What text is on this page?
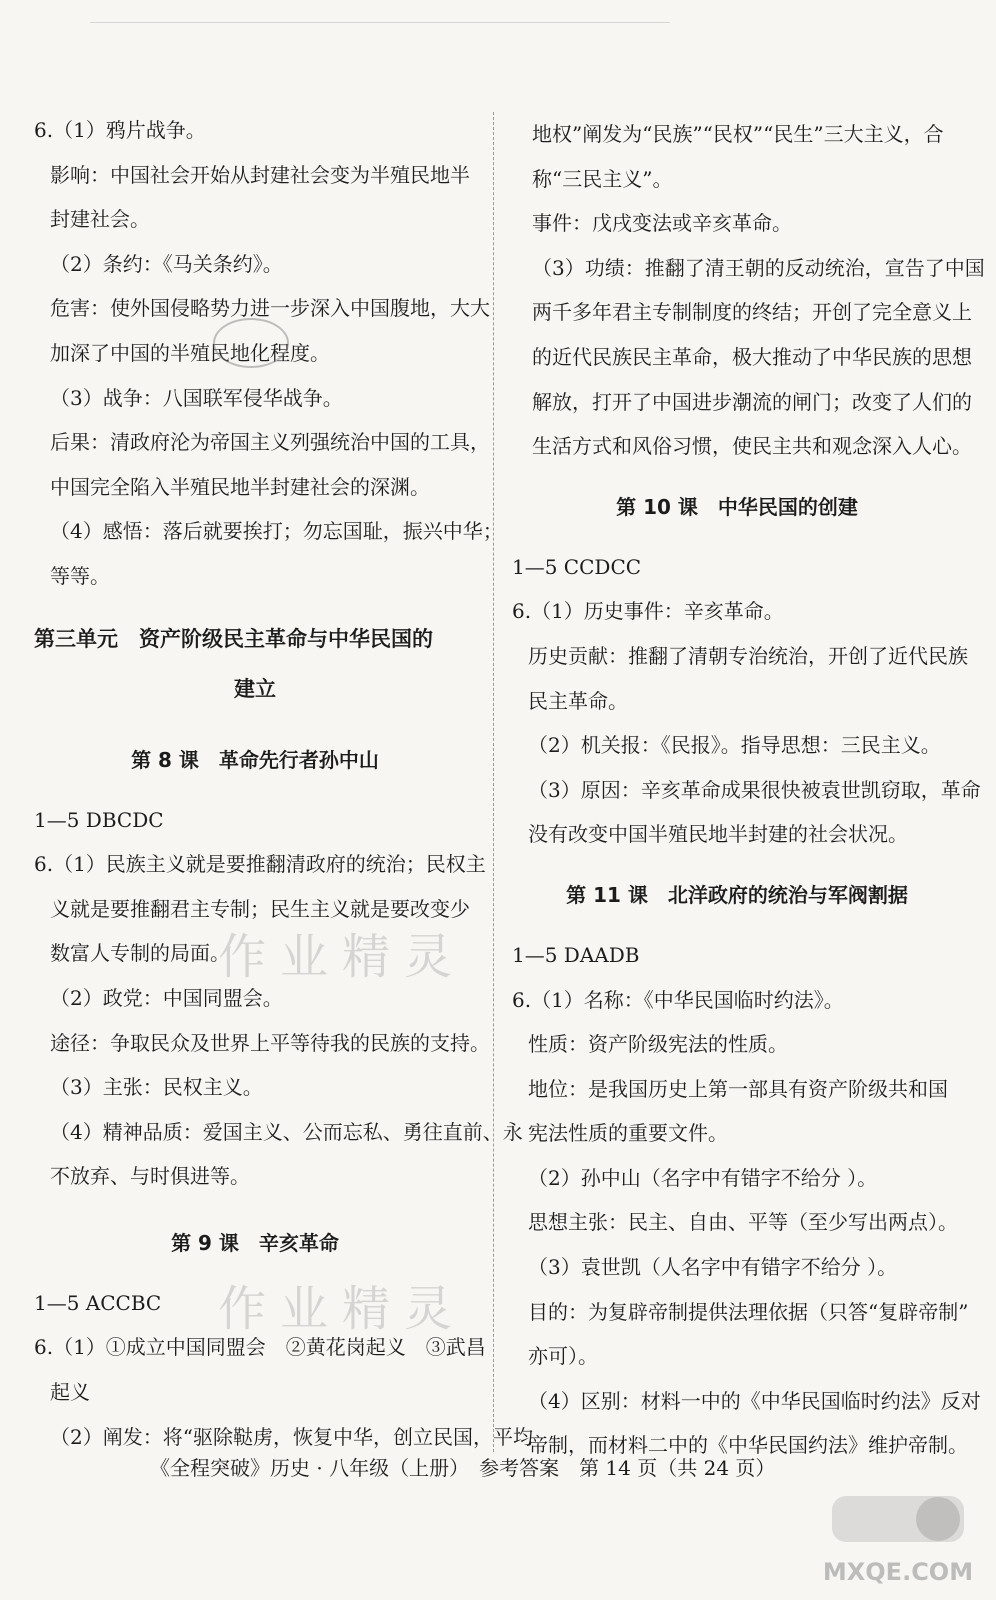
6.（1）鸦片战争。
影响：中国社会开始从封建社会变为半殖民地半
封建社会。
（2）条约：《马关条约》。
危害：使外国侵略势力进一步深入中国腹地，大大
加深了中国的半殖民地化程度。
（3）战争：八国联军侵华战争。
后果：清政府沦为帝国主义列强统治中国的工具，
中国完全陷入半殖民地半封建社会的深渊。
（4）感悟：落后就要挨打；勿忘国耻，振兴中华；
等等。
第三单元　资产阶级民主革命与中华民国的
建立
第 8 课　革命先行者孙中山
1—5 DBCDC
6.（1）民族主义就是要推翻清政府的统治；民权主
义就是要推翻君主专制；民生主义就是要改变少
数富人专制的局面。
（2）政党：中国同盟会。
途径：争取民众及世界上平等待我的民族的支持。
（3）主张：民权主义。
（4）精神品质：爱国主义、公而忘私、勇往直前、永
不放弃、与时俱进等。
第 9 课　辛亥革命
1—5 ACCBC
6.（1）①成立中国同盟会　②黄花岗起义　③武昌
起义
（2）阐发：将“驱除鞑虏，恢复中华，创立民国，平均
地权”阐发为“民族”“民权”“民生”三大主义，合
称“三民主义”。
事件：戊戌变法或辛亥革命。
（3）功绩：推翻了清王朝的反动统治，宣告了中国
两千多年君主专制制度的终结；开创了完全意义上
的近代民族民主革命，极大推动了中华民族的思想
解放，打开了中国进步潮流的闸门；改变了人们的
生活方式和风俗习惯，使民主共和观念深入人心。
第 10 课　中华民国的创建
1—5 CCDCC
6.（1）历史事件：辛亥革命。
历史贡献：推翻了清朝专治统治，开创了近代民族
民主革命。
（2）机关报：《民报》。指导思想：三民主义。
（3）原因：辛亥革命成果很快被袁世凯窃取，革命
没有改变中国半殖民地半封建的社会状况。
第 11 课　北洋政府的统治与军阀割据
1—5 DAADB
6.（1）名称：《中华民国临时约法》。
性质：资产阶级宪法的性质。
地位：是我国历史上第一部具有资产阶级共和国
宪法性质的重要文件。
（2）孙中山（名字中有错字不给分 ）。
思想主张：民主、自由、平等（至少写出两点）。
（3）袁世凯（人名字中有错字不给分 ）。
目的：为复辟帝制提供法理依据（只答“复辟帝制”
亦可）。
（4）区别：材料一中的《中华民国临时约法》反对
帝制，而材料二中的《中华民国约法》维护帝制。
《全程突破》历史 · 八年级（上册）　参考答案　第 14 页（共 24 页）
作业精灵
作业精灵
MXQE.COM
